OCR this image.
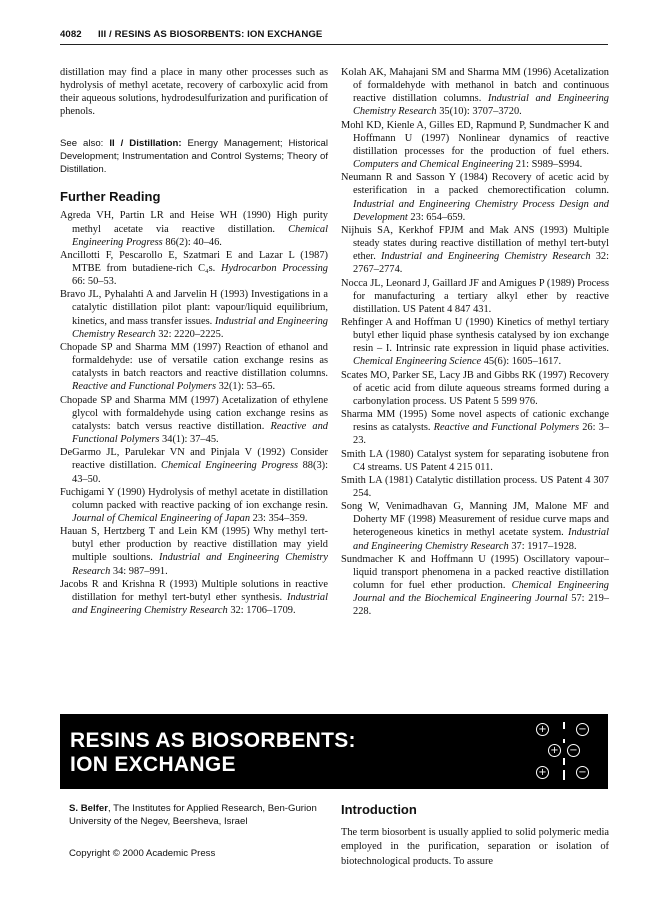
4082 III / RESINS AS BIOSORBENTS: ION EXCHANGE

distillation may find a place in many other processes such as hydrolysis of methyl acetate, recovery of carboxylic acid from their aqueous solutions, hydrodesulfurization and purification of phenols.

See also: II / Distillation: Energy Management; Historical Development; Instrumentation and Control Systems; Theory of Distillation.
Further Reading

Agreda VH, Partin LR and Heise WH (1990) High purity methyl acetate via reactive distillation. Chemical Engineering Progress 86(2): 40–46.

Ancillotti F, Pescarollo E, Szatmari E and Lazar L (1987) MTBE from butadiene-rich C₄s. Hydrocarbon Processing 66: 50–53.

Bravo JL, Pyhalahti A and Jarvelin H (1993) Investigations in a catalytic distillation pilot plant: vapour/liquid equilibrium, kinetics, and mass transfer issues. Industrial and Engineering Chemistry Research 32: 2220–2225.

Chopade SP and Sharma MM (1997) Reaction of ethanol and formaldehyde: use of versatile cation exchange resins as catalysts in batch reactors and reactive distillation columns. Reactive and Functional Polymers 32(1): 53–65.

Chopade SP and Sharma MM (1997) Acetalization of ethylene glycol with formaldehyde using cation exchange resins as catalysts: batch versus reactive distillation. Reactive and Functional Polymers 34(1): 37–45.

DeGarmo JL, Parulekar VN and Pinjala V (1992) Consider reactive distillation. Chemical Engineering Progress 88(3): 43–50.

Fuchigami Y (1990) Hydrolysis of methyl acetate in distillation column packed with reactive packing of ion exchange resin. Journal of Chemical Engineering of Japan 23: 354–359.

Hauan S, Hertzberg T and Lein KM (1995) Why methyl tert-butyl ether production by reactive distillation may yield multiple soultions. Industrial and Engineering Chemistry Research 34: 987–991.

Jacobs R and Krishna R (1993) Multiple solutions in reactive distillation for methyl tert-butyl ether synthesis. Industrial and Engineering Chemistry Research 32: 1706–1709.

Kolah AK, Mahajani SM and Sharma MM (1996) Acetalization of formaldehyde with methanol in batch and continuous reactive distillation columns. Industrial and Engineering Chemistry Research 35(10): 3707–3720.

Mohl KD, Kienle A, Gilles ED, Rapmund P, Sundmacher K and Hoffmann U (1997) Nonlinear dynamics of reactive distillation processes for the production of fuel ethers. Computers and Chemical Engineering 21: S989–S994.

Neumann R and Sasson Y (1984) Recovery of acetic acid by esterification in a packed chemorectification column. Industrial and Engineering Chemistry Process Design and Development 23: 654–659.

Nijhuis SA, Kerkhof FPJM and Mak ANS (1993) Multiple steady states during reactive distillation of methyl tert-butyl ether. Industrial and Engineering Chemistry Research 32: 2767–2774.

Nocca JL, Leonard J, Gaillard JF and Amigues P (1989) Process for manufacturing a tertiary alkyl ether by reactive distillation. US Patent 4 847 431.

Rehfinger A and Hoffman U (1990) Kinetics of methyl tertiary butyl ether liquid phase synthesis catalysed by ion exchange resin – I. Intrinsic rate expression in liquid phase activities. Chemical Engineering Science 45(6): 1605–1617.

Scates MO, Parker SE, Lacy JB and Gibbs RK (1997) Recovery of acetic acid from dilute aqueous streams formed during a carbonylation process. US Patent 5 599 976.

Sharma MM (1995) Some novel aspects of cationic exchange resins as catalysts. Reactive and Functional Polymers 26: 3–23.

Smith LA (1980) Catalyst system for separating isobutene fron C4 streams. US Patent 4 215 011.

Smith LA (1981) Catalytic distillation process. US Patent 4 307 254.

Song W, Venimadhavan G, Manning JM, Malone MF and Doherty MF (1998) Measurement of residue curve maps and heterogeneous kinetics in methyl acetate system. Industrial and Engineering Chemistry Research 37: 1917–1928.

Sundmacher K and Hoffmann U (1995) Oscillatory vapour–liquid transport phenomena in a packed reactive distillation column for fuel ether production. Chemical Engineering Journal and the Biochemical Engineering Journal 57: 219–228.

RESINS AS BIOSORBENTS:
ION EXCHANGE
+	−
+ −
+	−
S. Belfer, The Institutes for Applied Research, Ben-Gurion University of the Negev, Beersheva, Israel
Copyright © 2000 Academic Press
Introduction
The term biosorbent is usually applied to solid polymeric media employed in the purification, separation or isolation of biotechnological products. To assure
